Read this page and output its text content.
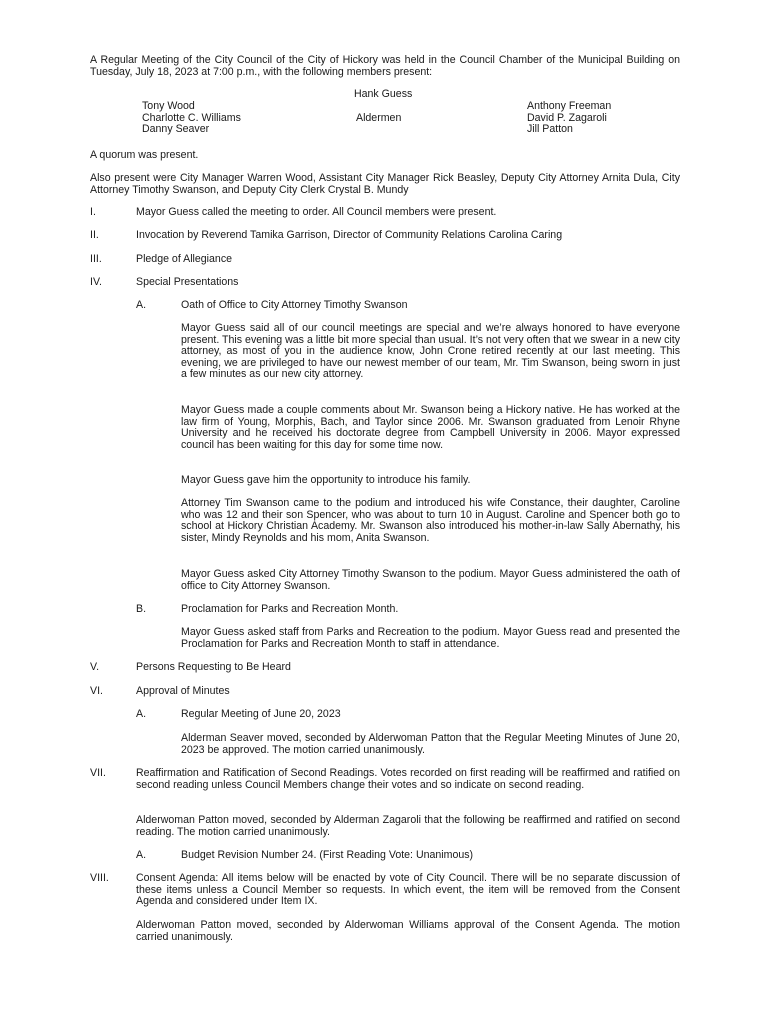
A Regular Meeting of the City Council of the City of Hickory was held in the Council Chamber of the Municipal Building on Tuesday, July 18, 2023 at 7:00 p.m., with the following members present:

Hank Guess
Tony Wood
Charlotte C. Williams
Danny Seaver
Aldermen
Anthony Freeman
David P. Zagaroli
Jill Patton

A quorum was present.

Also present were City Manager Warren Wood, Assistant City Manager Rick Beasley, Deputy City Attorney Arnita Dula, City Attorney Timothy Swanson, and Deputy City Clerk Crystal B. Mundy

I.	Mayor Guess called the meeting to order. All Council members were present.

II.	Invocation by Reverend Tamika Garrison, Director of Community Relations Carolina Caring

III.	Pledge of Allegiance

IV.	Special Presentations

A.	Oath of Office to City Attorney Timothy Swanson

Mayor Guess said all of our council meetings are special and we’re always honored to have everyone present. This evening was a little bit more special than usual. It’s not very often that we swear in a new city attorney, as most of you in the audience know, John Crone retired recently at our last meeting. This evening, we are privileged to have our newest member of our team, Mr. Tim Swanson, being sworn in just a few minutes as our new city attorney.

Mayor Guess made a couple comments about Mr. Swanson being a Hickory native. He has worked at the law firm of Young, Morphis, Bach, and Taylor since 2006. Mr. Swanson graduated from Lenoir Rhyne University and he received his doctorate degree from Campbell University in 2006. Mayor expressed council has been waiting for this day for some time now.

Mayor Guess gave him the opportunity to introduce his family.

Attorney Tim Swanson came to the podium and introduced his wife Constance, their daughter, Caroline who was 12 and their son Spencer, who was about to turn 10 in August. Caroline and Spencer both go to school at Hickory Christian Academy. Mr. Swanson also introduced his mother-in-law Sally Abernathy, his sister, Mindy Reynolds and his mom, Anita Swanson.

Mayor Guess asked City Attorney Timothy Swanson to the podium. Mayor Guess administered the oath of office to City Attorney Swanson.

B.	Proclamation for Parks and Recreation Month.

Mayor Guess asked staff from Parks and Recreation to the podium. Mayor Guess read and presented the Proclamation for Parks and Recreation Month to staff in attendance.

V.	Persons Requesting to Be Heard

VI.	Approval of Minutes

A.	Regular Meeting of June 20, 2023

Alderman Seaver moved, seconded by Alderwoman Patton that the Regular Meeting Minutes of June 20, 2023 be approved. The motion carried unanimously.

VII.	Reaffirmation and Ratification of Second Readings. Votes recorded on first reading will be reaffirmed and ratified on second reading unless Council Members change their votes and so indicate on second reading.

Alderwoman Patton moved, seconded by Alderman Zagaroli that the following be reaffirmed and ratified on second reading. The motion carried unanimously.

A.	Budget Revision Number 24. (First Reading Vote: Unanimous)

VIII.	Consent Agenda: All items below will be enacted by vote of City Council. There will be no separate discussion of these items unless a Council Member so requests. In which event, the item will be removed from the Consent Agenda and considered under Item IX.

Alderwoman Patton moved, seconded by Alderwoman Williams approval of the Consent Agenda. The motion carried unanimously.
